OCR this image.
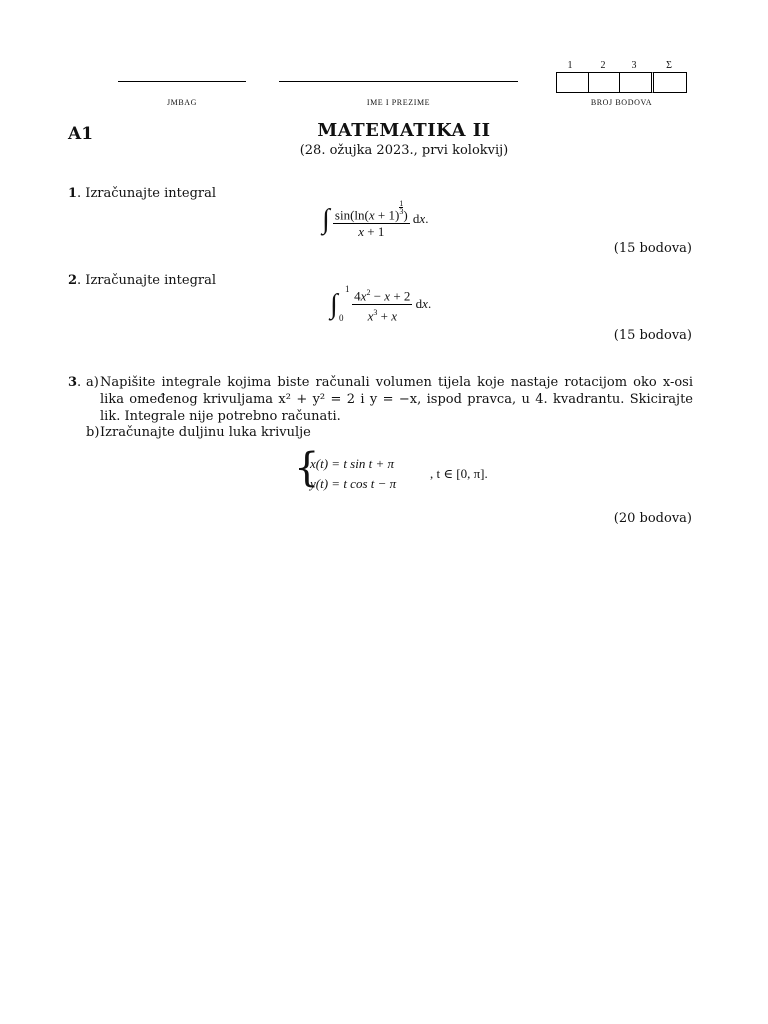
JMBAG	IME I PREZIME
1	2	3	Σ
BROJ BODOVA
A1	MATEMATIKA II
(28. ožujka 2023., prvi kolokvij)
1. Izračunajte integral
∫ sin(ln(x + 1) $^{\frac{1}{3}}$ )
x + 1 dx.
(15 bodova)
2. Izračunajte integral
∫ 1
0
$\frac{4x^2 - x + 2}{x^3 + x}$ dx.
(15 bodova)
3. a) Napišite integrale kojima biste računali volumen tijela koje nastaje rotacijom oko x-osi lika omeđenog krivuljama x² + y² = 2 i y = −x, ispod pravca, u 4. kvadrantu. Skicirajte lik. Integrale nije potrebno računati.
b) Izračunajte duljinu luka krivulje
{
x(t) = t sin t + π
y(t) = t cos t − π
, t ∈ [0, π].
(20 bodova)
